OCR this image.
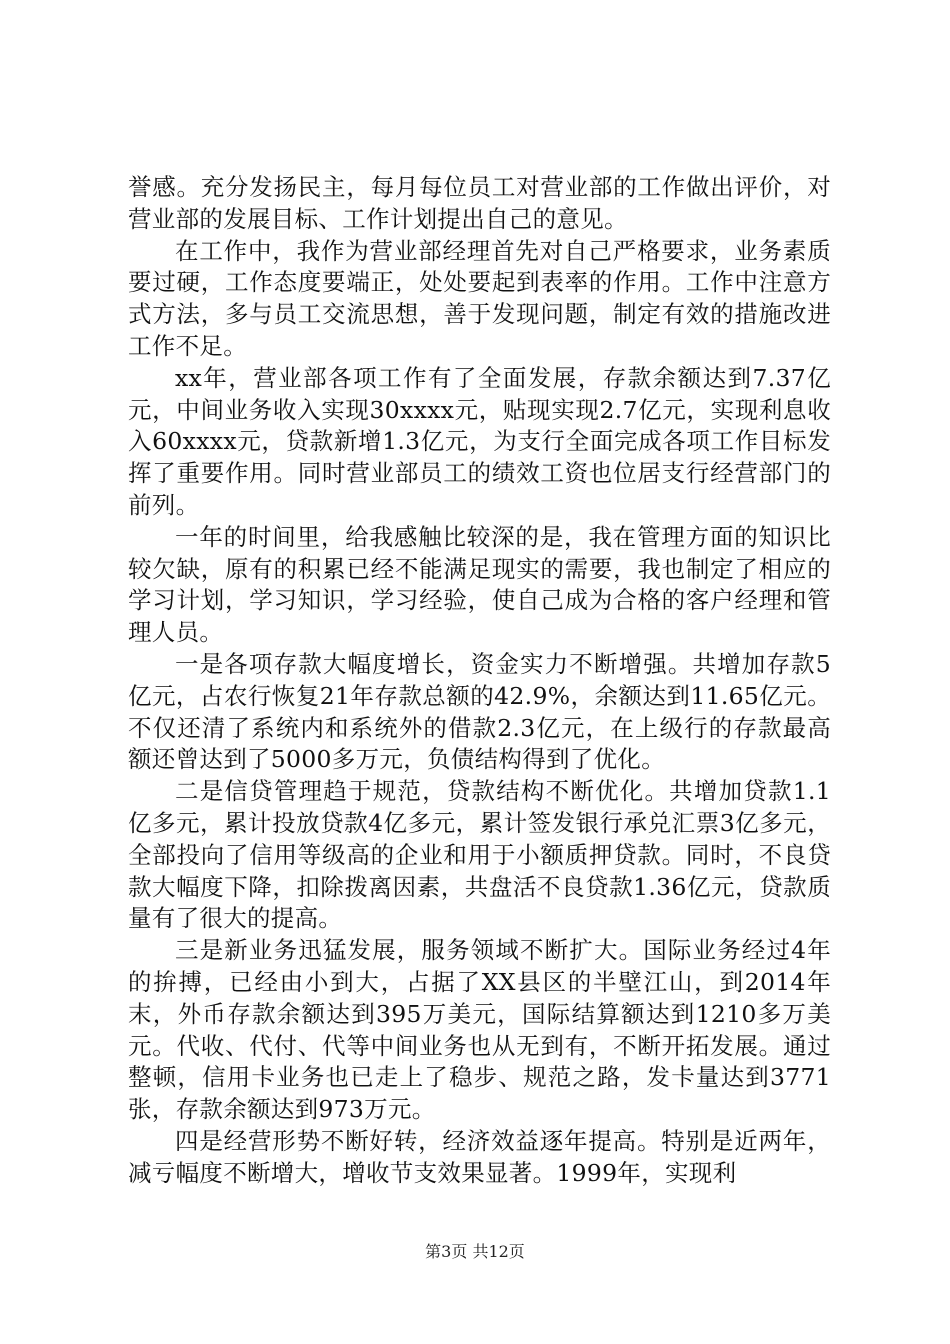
誉感。充分发扬民主，每月每位员工对营业部的工作做出评价，对营业部的发展目标、工作计划提出自己的意见。

在工作中，我作为营业部经理首先对自己严格要求，业务素质要过硬，工作态度要端正，处处要起到表率的作用。工作中注意方式方法，多与员工交流思想，善于发现问题，制定有效的措施改进工作不足。

xx年，营业部各项工作有了全面发展，存款余额达到7.37亿元，中间业务收入实现30xxxx元，贴现实现2.7亿元，实现利息收入60xxxx元，贷款新增1.3亿元，为支行全面完成各项工作目标发挥了重要作用。同时营业部员工的绩效工资也位居支行经营部门的前列。

一年的时间里，给我感触比较深的是，我在管理方面的知识比较欠缺，原有的积累已经不能满足现实的需要，我也制定了相应的学习计划，学习知识，学习经验，使自己成为合格的客户经理和管理人员。

一是各项存款大幅度增长，资金实力不断增强。共增加存款5亿元，占农行恢复21年存款总额的42.9%，余额达到11.65亿元。不仅还清了系统内和系统外的借款2.3亿元，在上级行的存款最高额还曾达到了5000多万元，负债结构得到了优化。

二是信贷管理趋于规范，贷款结构不断优化。共增加贷款1.1亿多元，累计投放贷款4亿多元，累计签发银行承兑汇票3亿多元，全部投向了信用等级高的企业和用于小额质押贷款。同时，不良贷款大幅度下降，扣除拨离因素，共盘活不良贷款1.36亿元，贷款质量有了很大的提高。

三是新业务迅猛发展，服务领域不断扩大。国际业务经过4年的拚搏，已经由小到大，占据了XX县区的半壁江山，到2014年末，外币存款余额达到395万美元，国际结算额达到1210多万美元。代收、代付、代等中间业务也从无到有，不断开拓发展。通过整顿，信用卡业务也已走上了稳步、规范之路，发卡量达到3771张，存款余额达到973万元。

四是经营形势不断好转，经济效益逐年提高。特别是近两年，减亏幅度不断增大，增收节支效果显著。1999年，实现利

第3页 共12页
